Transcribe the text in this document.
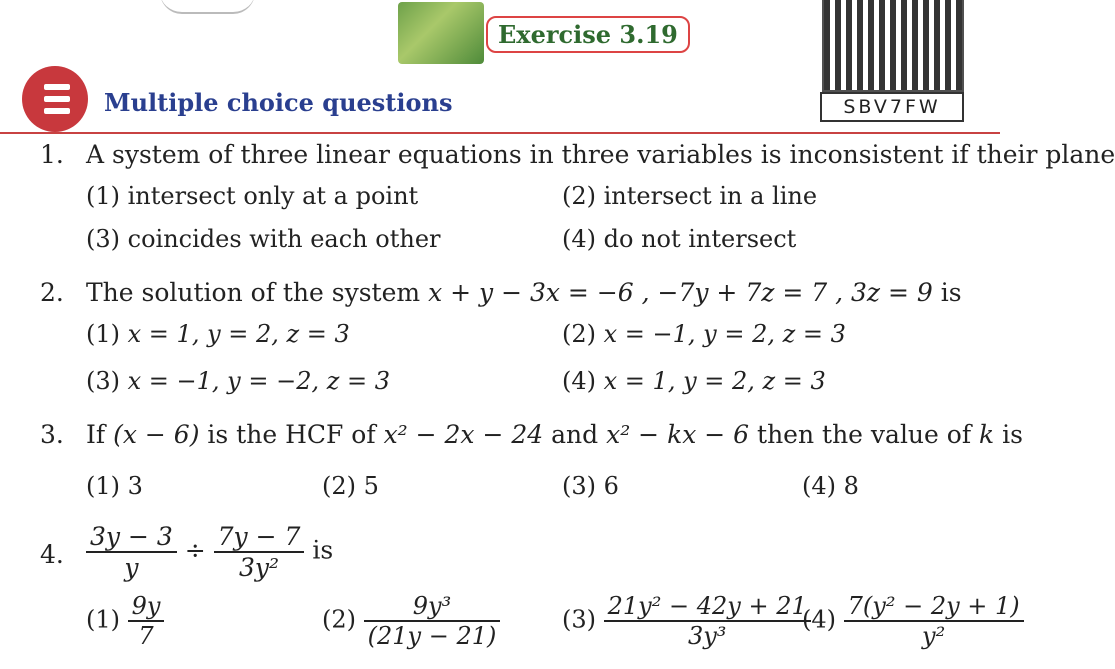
Exercise 3.19
SBV7FW
Multiple choice questions
1. A system of three linear equations in three variables is inconsistent if their plane
(1) intersect only at a point	(2) intersect in a line
(3) coincides with each other	(4) do not intersect
2. The solution of the system x + y − 3x = −6 , −7y + 7z = 7 , 3z = 9 is
(1) x = 1, y = 2, z = 3	(2) x = −1, y = 2, z = 3
(3) x = −1, y = −2, z = 3	(4) x = 1, y = 2, z = 3
3. If (x − 6) is the HCF of x² − 2x − 24 and x² − kx − 6 then the value of k is
(1) 3	(2) 5	(3) 6	(4) 8
4. $\frac{3y - 3}{y} \div \frac{7y - 7}{\text{3y²}}$ is
$(1) \frac{9y}{7}$	$(2) \frac{\text{9y³}}{(21y - 21)}$	$(3) \frac{\text{21y² − 42y + 21}}{\text{3y³}}$
$(4) \frac{\text{7(y² − 2y + 1)}}{\text{y²}}$
